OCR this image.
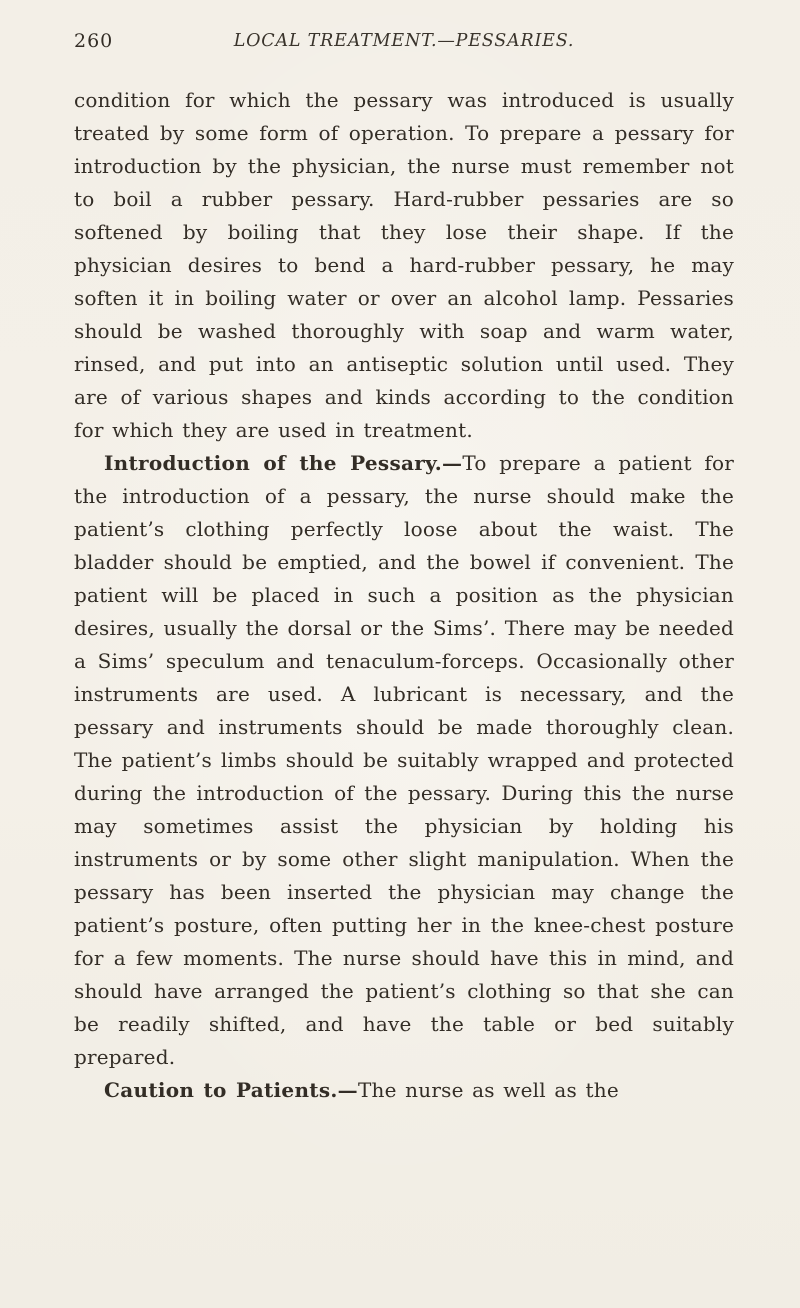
260	LOCAL TREATMENT.—PESSARIES.

condition for which the pessary was introduced is usually treated by some form of operation. To prepare a pessary for introduction by the physician, the nurse must remember not to boil a rubber pessary. Hard-rubber pessaries are so softened by boiling that they lose their shape. If the physician desires to bend a hard-rubber pessary, he may soften it in boiling water or over an alcohol lamp. Pessaries should be washed thoroughly with soap and warm water, rinsed, and put into an antiseptic solution until used. They are of various shapes and kinds according to the condition for which they are used in treatment.

Introduction of the Pessary.—To prepare a patient for the introduction of a pessary, the nurse should make the patient’s clothing perfectly loose about the waist. The bladder should be emptied, and the bowel if convenient. The patient will be placed in such a position as the physician desires, usually the dorsal or the Sims’. There may be needed a Sims’ speculum and tenaculum-forceps. Occasionally other instruments are used. A lubricant is necessary, and the pessary and instruments should be made thoroughly clean. The patient’s limbs should be suitably wrapped and protected during the introduction of the pessary. During this the nurse may sometimes assist the physician by holding his instruments or by some other slight manipulation. When the pessary has been inserted the physician may change the patient’s posture, often putting her in the knee-chest posture for a few moments. The nurse should have this in mind, and should have arranged the patient’s clothing so that she can be readily shifted, and have the table or bed suitably prepared.

Caution to Patients.—The nurse as well as the
